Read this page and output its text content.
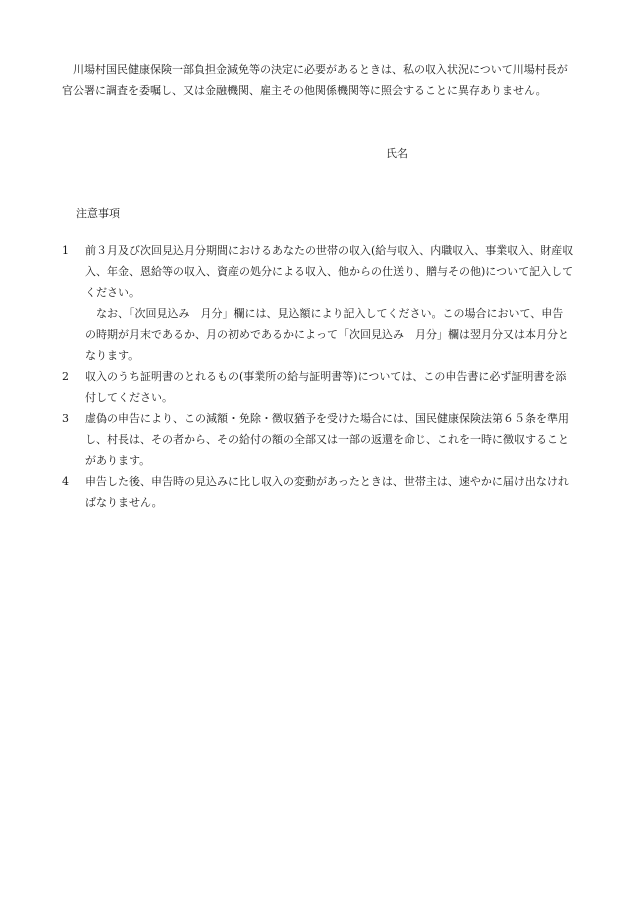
川場村国民健康保険一部負担金減免等の決定に必要があるときは、私の収入状況について川場村長が官公署に調査を委嘱し、又は金融機関、雇主その他関係機関等に照会することに異存ありません。

氏名

注意事項

1 前３月及び次回見込月分期間におけるあなたの世帯の収入(給与収入、内職収入、事業収入、財産収入、年金、恩給等の収入、資産の処分による収入、他からの仕送り、贈与その他)について記入してください。
なお、「次回見込み　月分」欄には、見込額により記入してください。この場合において、申告の時期が月末であるか、月の初めであるかによって「次回見込み　月分」欄は翌月分又は本月分となります。
2 収入のうち証明書のとれるもの(事業所の給与証明書等)については、この申告書に必ず証明書を添付してください。
3 虚偽の申告により、この減額・免除・徴収猶予を受けた場合には、国民健康保険法第６５条を準用し、村長は、その者から、その給付の額の全部又は一部の返還を命じ、これを一時に徴収することがあります。
4 申告した後、申告時の見込みに比し収入の変動があったときは、世帯主は、速やかに届け出なければなりません。
